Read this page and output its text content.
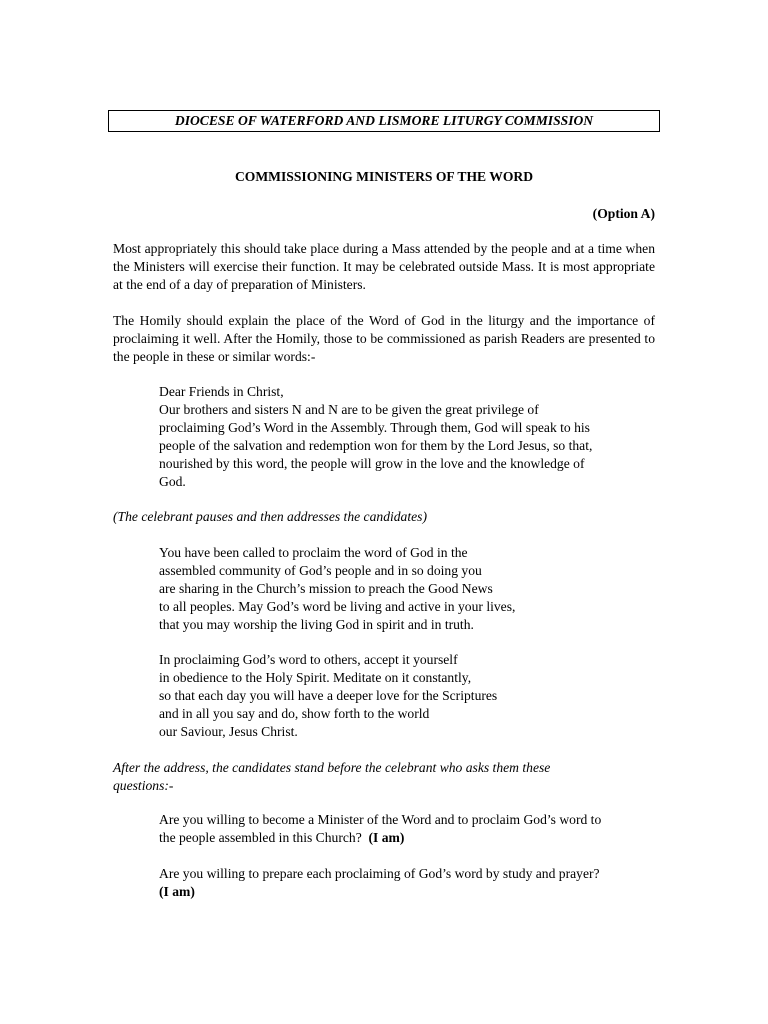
DIOCESE OF WATERFORD AND LISMORE LITURGY COMMISSION
COMMISSIONING MINISTERS OF THE WORD
(Option A)

Most appropriately this should take place during a Mass attended by the people and at a time when the Ministers will exercise their function. It may be celebrated outside Mass. It is most appropriate at the end of a day of preparation of Ministers.

The Homily should explain the place of the Word of God in the liturgy and the importance of proclaiming it well. After the Homily, those to be commissioned as parish Readers are presented to the people in these or similar words:-

Dear Friends in Christ,
Our brothers and sisters N and N are to be given the great privilege of
proclaiming God’s Word in the Assembly. Through them, God will speak to his
people of the salvation and redemption won for them by the Lord Jesus, so that,
nourished by this word, the people will grow in the love and the knowledge of
God.

(The celebrant pauses and then addresses the candidates)

You have been called to proclaim the word of God in the
assembled community of God’s people and in so doing you
are sharing in the Church’s mission to preach the Good News
to all peoples. May God’s word be living and active in your lives,
that you may worship the living God in spirit and in truth.
In proclaiming God’s word to others, accept it yourself
in obedience to the Holy Spirit. Meditate on it constantly,
so that each day you will have a deeper love for the Scriptures
and in all you say and do, show forth to the world
our Saviour, Jesus Christ.
After the address, the candidates stand before the celebrant who asks them these
questions:-
Are you willing to become a Minister of the Word and to proclaim God’s word to
the people assembled in this Church?  (I am)
Are you willing to prepare each proclaiming of God’s word by study and prayer?
(I am)
